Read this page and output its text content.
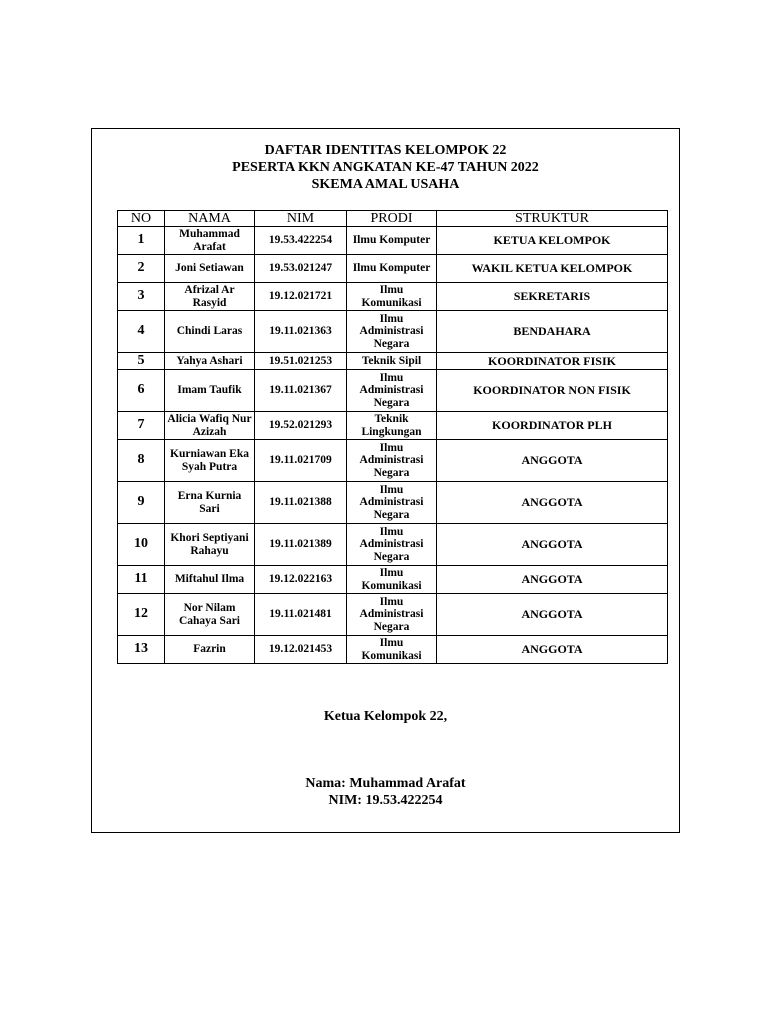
DAFTAR IDENTITAS KELOMPOK 22
PESERTA KKN ANGKATAN KE-47 TAHUN 2022
SKEMA AMAL USAHA
NO	NAMA	NIM	PRODI	STRUKTUR
1	Muhammad Arafat	19.53.422254	Ilmu Komputer	KETUA KELOMPOK
2	Joni Setiawan	19.53.021247	Ilmu Komputer	WAKIL KETUA KELOMPOK
3	Afrizal Ar Rasyid	19.12.021721	Ilmu Komunikasi	SEKRETARIS
4	Chindi Laras	19.11.021363	Ilmu Administrasi Negara	BENDAHARA
5	Yahya Ashari	19.51.021253	Teknik Sipil	KOORDINATOR FISIK
6	Imam Taufik	19.11.021367	Ilmu Administrasi Negara	KOORDINATOR NON FISIK
7	Alicia Wafiq Nur Azizah	19.52.021293	Teknik Lingkungan	KOORDINATOR PLH
8	Kurniawan Eka Syah Putra	19.11.021709	Ilmu Administrasi Negara	ANGGOTA
9	Erna Kurnia Sari	19.11.021388	Ilmu Administrasi Negara	ANGGOTA
10	Khori Septiyani Rahayu	19.11.021389	Ilmu Administrasi Negara	ANGGOTA
11	Miftahul Ilma	19.12.022163	Ilmu Komunikasi	ANGGOTA
12	Nor Nilam Cahaya Sari	19.11.021481	Ilmu Administrasi Negara	ANGGOTA
13	Fazrin	19.12.021453	Ilmu Komunikasi	ANGGOTA
Ketua Kelompok 22,
Nama: Muhammad Arafat
NIM: 19.53.422254
